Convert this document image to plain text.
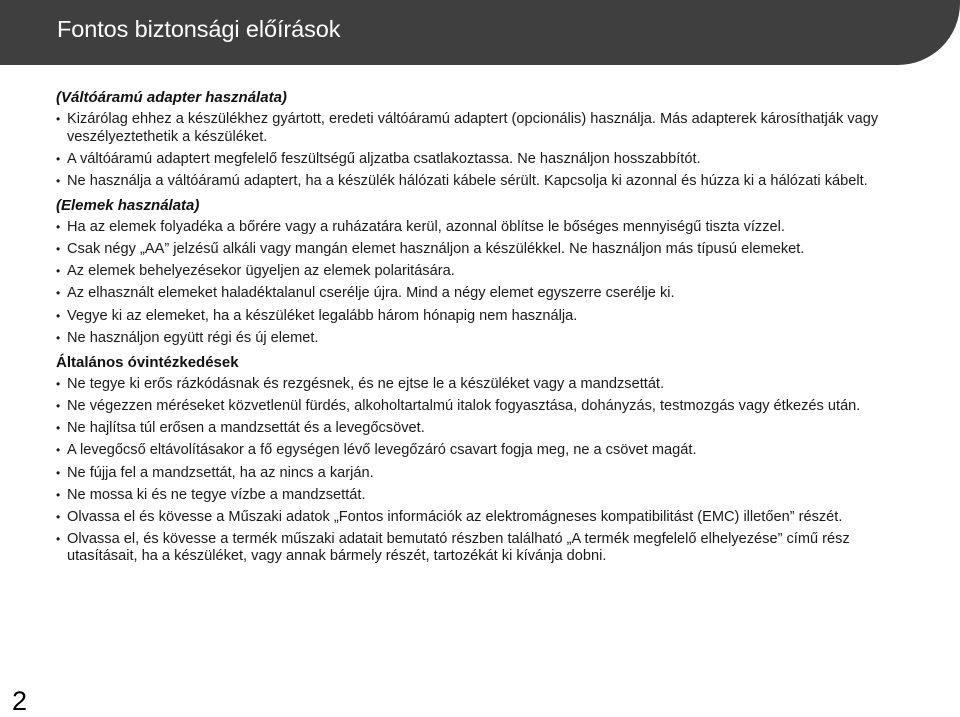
Fontos biztonsági előírások
(Váltóáramú adapter használata)
• Kizárólag ehhez a készülékhez gyártott, eredeti váltóáramú adaptert (opcionális) használja. Más adapterek károsíthatják vagy veszélyeztethetik a készüléket.
• A váltóáramú adaptert megfelelő feszültségű aljzatba csatlakoztassa. Ne használjon hosszabbítót.
• Ne használja a váltóáramú adaptert, ha a készülék hálózati kábele sérült. Kapcsolja ki azonnal és húzza ki a hálózati kábelt.
(Elemek használata)
• Ha az elemek folyadéka a bőrére vagy a ruházatára kerül, azonnal öblítse le bőséges mennyiségű tiszta vízzel.
• Csak négy „AA” jelzésű alkáli vagy mangán elemet használjon a készülékkel. Ne használjon más típusú elemeket.
• Az elemek behelyezésekor ügyeljen az elemek polaritására.
• Az elhasznált elemeket haladéktalanul cserélje újra. Mind a négy elemet egyszerre cserélje ki.
• Vegye ki az elemeket, ha a készüléket legalább három hónapig nem használja.
• Ne használjon együtt régi és új elemet.
Általános óvintézkedések
• Ne tegye ki erős rázkódásnak és rezgésnek, és ne ejtse le a készüléket vagy a mandzsettát.
• Ne végezzen méréseket közvetlenül fürdés, alkoholtartalmú italok fogyasztása, dohányzás, testmozgás vagy étkezés után.
• Ne hajlítsa túl erősen a mandzsettát és a levegőcsövet.
• A levegőcső eltávolításakor a fő egységen lévő levegőzáró csavart fogja meg, ne a csövet magát.
• Ne fújja fel a mandzsettát, ha az nincs a karján.
• Ne mossa ki és ne tegye vízbe a mandzsettát.
• Olvassa el és kövesse a Műszaki adatok „Fontos információk az elektromágneses kompatibilitást (EMC) illetően” részét.
• Olvassa el, és kövesse a termék műszaki adatait bemutató részben található „A termék megfelelő elhelyezése” című rész utasításait, ha a készüléket, vagy annak bármely részét, tartozékát ki kívánja dobni.
2
